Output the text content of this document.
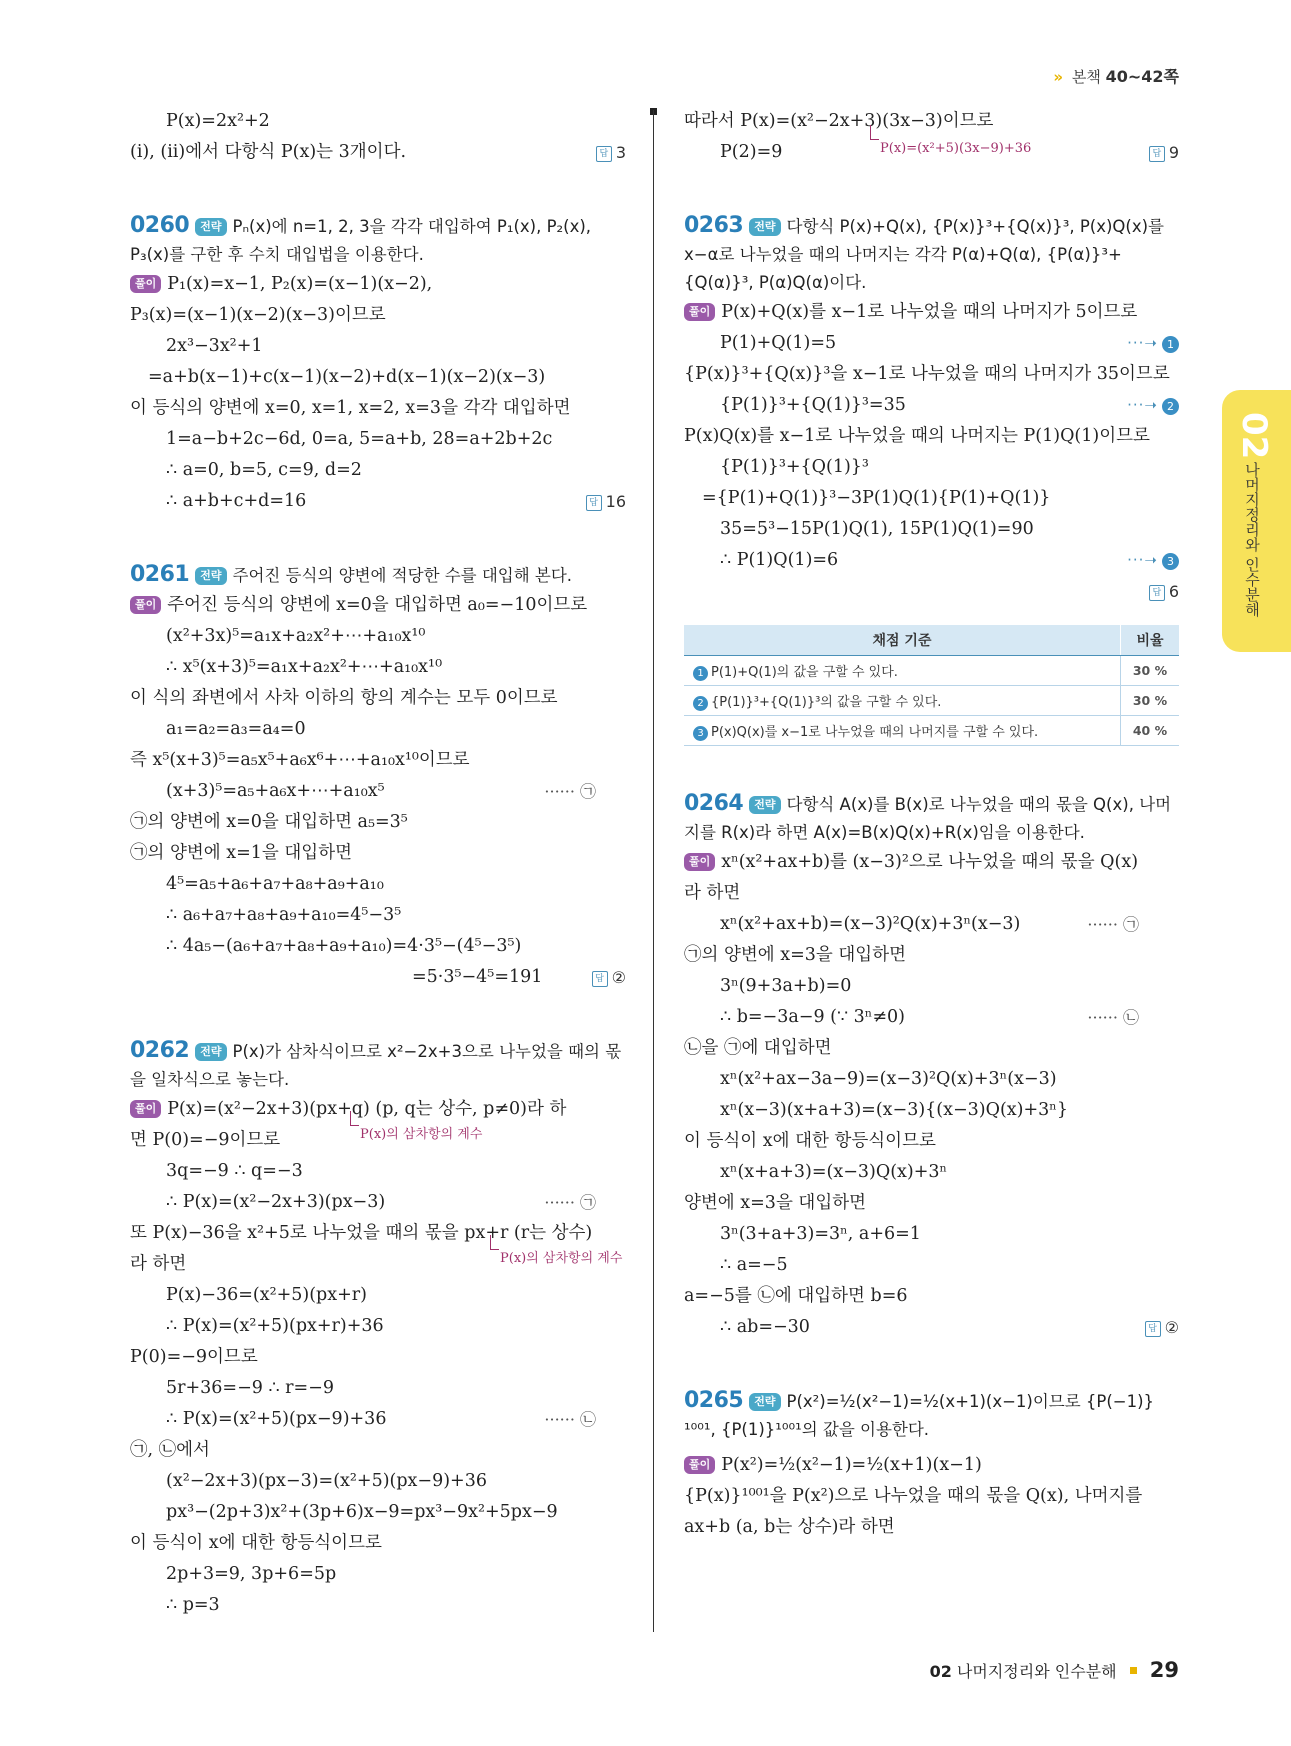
» 본책 40~42쪽
02
나머지정리와 인수분해
P(x)=2x²+2
(i), (ii)에서 다항식 P(x)는 3개이다.	답 3
0260 전략 Pₙ(x)에 n=1, 2, 3을 각각 대입하여 P₁(x), P₂(x), P₃(x)를 구한 후 수치 대입법을 이용한다.
풀이 P₁(x)=x−1, P₂(x)=(x−1)(x−2),
P₃(x)=(x−1)(x−2)(x−3)이므로
2x³−3x²+1
=a+b(x−1)+c(x−1)(x−2)+d(x−1)(x−2)(x−3)
이 등식의 양변에 x=0, x=1, x=2, x=3을 각각 대입하면
1=a−b+2c−6d, 0=a, 5=a+b, 28=a+2b+2c
∴ a=0, b=5, c=9, d=2
∴ a+b+c+d=16	답 16
0261 전략 주어진 등식의 양변에 적당한 수를 대입해 본다.
풀이 주어진 등식의 양변에 x=0을 대입하면 a₀=−10이므로
(x²+3x)⁵=a₁x+a₂x²+⋯+a₁₀x¹⁰
∴ x⁵(x+3)⁵=a₁x+a₂x²+⋯+a₁₀x¹⁰
이 식의 좌변에서 사차 이하의 항의 계수는 모두 0이므로
a₁=a₂=a₃=a₄=0
즉 x⁵(x+3)⁵=a₅x⁵+a₆x⁶+⋯+a₁₀x¹⁰이므로
(x+3)⁵=a₅+a₆x+⋯+a₁₀x⁵	······ ㉠
㉠의 양변에 x=0을 대입하면 a₅=3⁵
㉠의 양변에 x=1을 대입하면
4⁵=a₅+a₆+a₇+a₈+a₉+a₁₀
∴ a₆+a₇+a₈+a₉+a₁₀=4⁵−3⁵
∴ 4a₅−(a₆+a₇+a₈+a₉+a₁₀)=4·3⁵−(4⁵−3⁵)
=5·3⁵−4⁵=191	답 ②
0262 전략 P(x)가 삼차식이므로 x²−2x+3으로 나누었을 때의 몫을 일차식으로 놓는다.
풀이 P(x)=(x²−2x+3)(px+q) (p, q는 상수, p≠0)라 하
면 P(0)=−9이므로	P(x)의 삼차항의 계수
3q=−9 ∴ q=−3
∴ P(x)=(x²−2x+3)(px−3)	······ ㉠
또 P(x)−36을 x²+5로 나누었을 때의 몫을 px+r (r는 상수)
라 하면	P(x)의 삼차항의 계수
P(x)−36=(x²+5)(px+r)
∴ P(x)=(x²+5)(px+r)+36
P(0)=−9이므로
5r+36=−9 ∴ r=−9
∴ P(x)=(x²+5)(px−9)+36	······ ㉡
㉠, ㉡에서
(x²−2x+3)(px−3)=(x²+5)(px−9)+36
px³−(2p+3)x²+(3p+6)x−9=px³−9x²+5px−9
이 등식이 x에 대한 항등식이므로
2p+3=9, 3p+6=5p
∴ p=3
따라서 P(x)=(x²−2x+3)(3x−3)이므로
P(2)=9	P(x)=(x²+5)(3x−9)+36	답 9
0263 전략 다항식 P(x)+Q(x), {P(x)}³+{Q(x)}³, P(x)Q(x)를 x−α로 나누었을 때의 나머지는 각각 P(α)+Q(α), {P(α)}³+{Q(α)}³, P(α)Q(α)이다.
풀이 P(x)+Q(x)를 x−1로 나누었을 때의 나머지가 5이므로
P(1)+Q(1)=5	···➝ 1
{P(x)}³+{Q(x)}³을 x−1로 나누었을 때의 나머지가 35이므로
{P(1)}³+{Q(1)}³=35	···➝ 2
P(x)Q(x)를 x−1로 나누었을 때의 나머지는 P(1)Q(1)이므로
{P(1)}³+{Q(1)}³
={P(1)+Q(1)}³−3P(1)Q(1){P(1)+Q(1)}
35=5³−15P(1)Q(1), 15P(1)Q(1)=90
∴ P(1)Q(1)=6	···➝ 3
답 6
채점 기준	비율
1 P(1)+Q(1)의 값을 구할 수 있다.	30 %
2 {P(1)}³+{Q(1)}³의 값을 구할 수 있다.	30 %
3 P(x)Q(x)를 x−1로 나누었을 때의 나머지를 구할 수 있다.	40 %
0264 전략 다항식 A(x)를 B(x)로 나누었을 때의 몫을 Q(x), 나머지를 R(x)라 하면 A(x)=B(x)Q(x)+R(x)임을 이용한다.
풀이 xⁿ(x²+ax+b)를 (x−3)²으로 나누었을 때의 몫을 Q(x)
라 하면
xⁿ(x²+ax+b)=(x−3)²Q(x)+3ⁿ(x−3)	······ ㉠
㉠의 양변에 x=3을 대입하면
3ⁿ(9+3a+b)=0
∴ b=−3a−9 (∵ 3ⁿ≠0)	······ ㉡
㉡을 ㉠에 대입하면
xⁿ(x²+ax−3a−9)=(x−3)²Q(x)+3ⁿ(x−3)
xⁿ(x−3)(x+a+3)=(x−3){(x−3)Q(x)+3ⁿ}
이 등식이 x에 대한 항등식이므로
xⁿ(x+a+3)=(x−3)Q(x)+3ⁿ
양변에 x=3을 대입하면
3ⁿ(3+a+3)=3ⁿ, a+6=1
∴ a=−5
a=−5를 ㉡에 대입하면 b=6
∴ ab=−30	답 ②
0265 전략 P(x²)=½(x²−1)=½(x+1)(x−1)이므로 {P(−1)}¹⁰⁰¹, {P(1)}¹⁰⁰¹의 값을 이용한다.
풀이 P(x²)=½(x²−1)=½(x+1)(x−1)
{P(x)}¹⁰⁰¹을 P(x²)으로 나누었을 때의 몫을 Q(x), 나머지를
ax+b (a, b는 상수)라 하면
02 나머지정리와 인수분해 29
